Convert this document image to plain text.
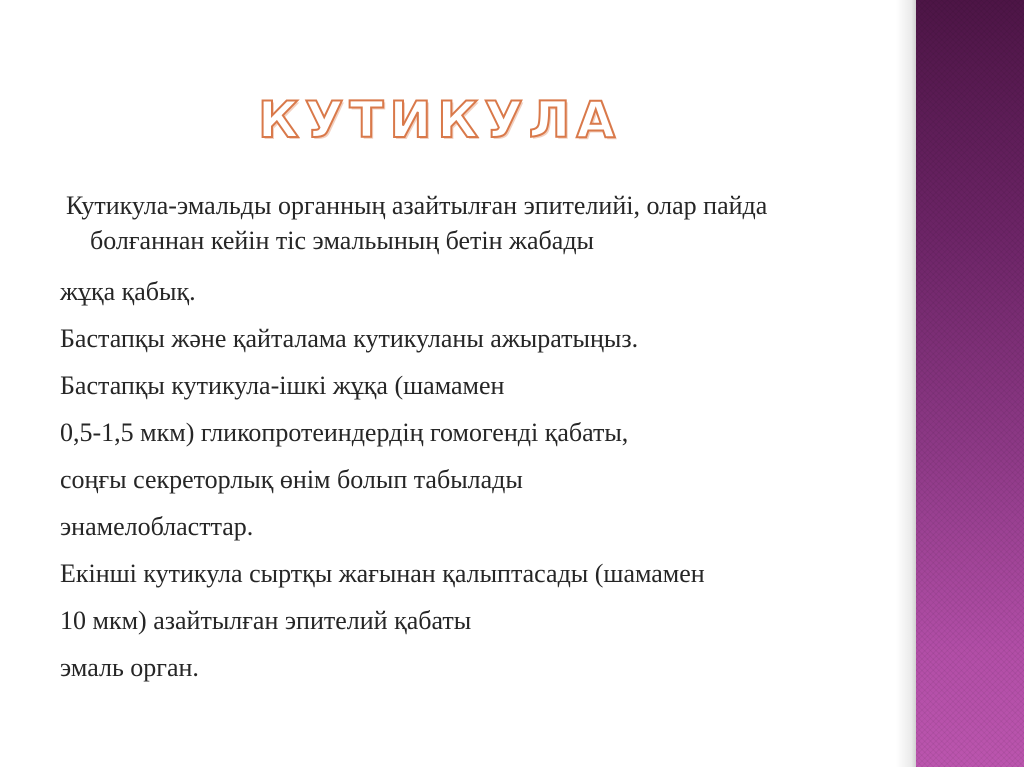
КУТИКУЛА

Кутикула-эмальды органның азайтылған эпителийі, олар пайда болғаннан кейін тіс эмальының бетін жабады

жұқа қабық.

Бастапқы және қайталама кутикуланы ажыратыңыз.

Бастапқы кутикула-ішкі жұқа (шамамен

0,5-1,5 мкм) гликопротеиндердің гомогенді қабаты,

соңғы секреторлық өнім болып табылады

энамелобласттар.

Екінші кутикула сыртқы жағынан қалыптасады (шамамен

10 мкм) азайтылған эпителий қабаты

эмаль орган.
